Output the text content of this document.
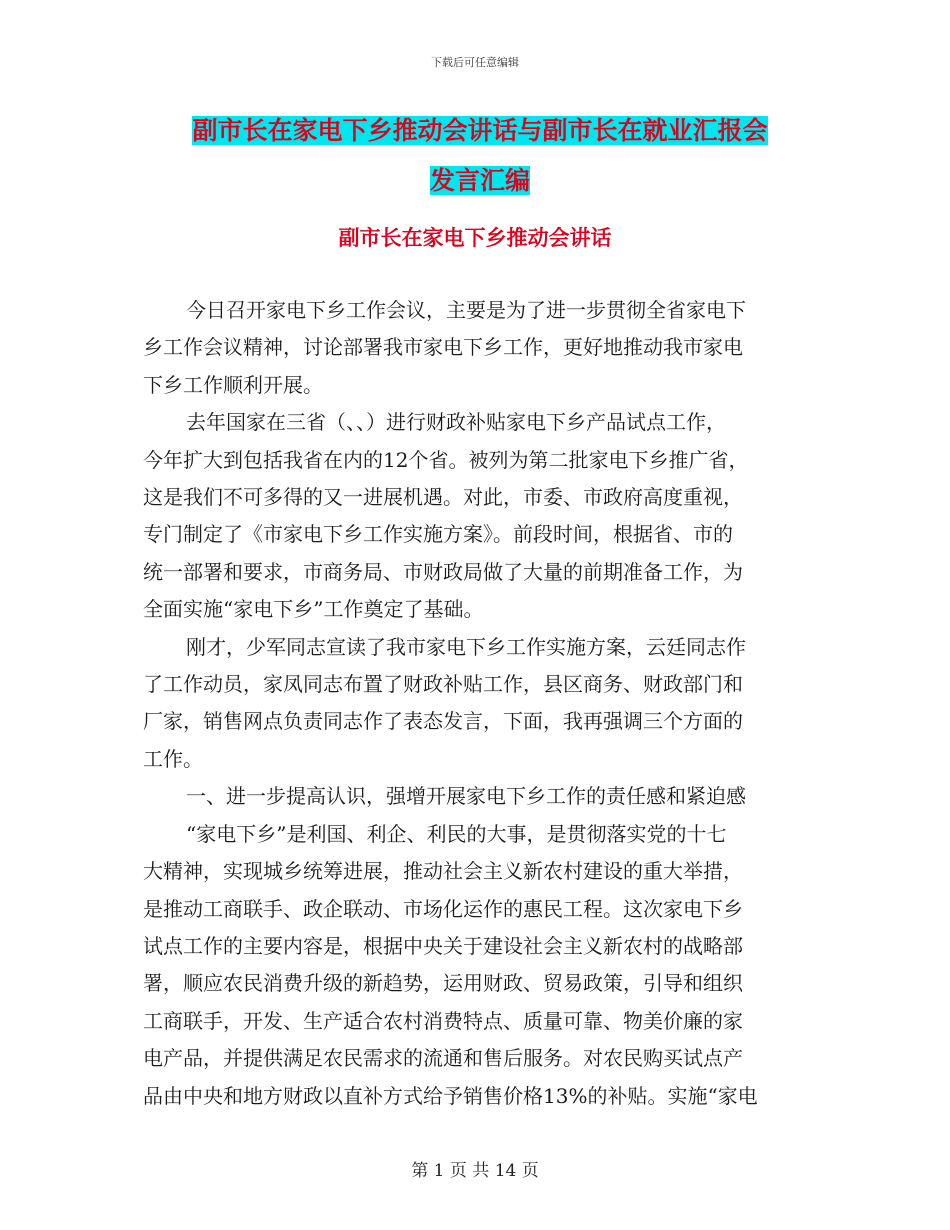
下载后可任意编辑
副市长在家电下乡推动会讲话与副市长在就业汇报会
发言汇编
副市长在家电下乡推动会讲话
今日召开家电下乡工作会议，主要是为了进一步贯彻全省家电下
乡工作会议精神，讨论部署我市家电下乡工作，更好地推动我市家电
下乡工作顺利开展。
去年国家在三省（、、）进行财政补贴家电下乡产品试点工作，
今年扩大到包括我省在内的12个省。被列为第二批家电下乡推广省，
这是我们不可多得的又一进展机遇。对此，市委、市政府高度重视，
专门制定了《市家电下乡工作实施方案》。前段时间，根据省、市的
统一部署和要求，市商务局、市财政局做了大量的前期准备工作，为
全面实施“家电下乡”工作奠定了基础。
刚才，少军同志宣读了我市家电下乡工作实施方案，云廷同志作
了工作动员，家凤同志布置了财政补贴工作，县区商务、财政部门和
厂家，销售网点负责同志作了表态发言，下面，我再强调三个方面的
工作。
一、进一步提高认识，强增开展家电下乡工作的责任感和紧迫感
“家电下乡”是利国、利企、利民的大事，是贯彻落实党的十七
大精神，实现城乡统筹进展，推动社会主义新农村建设的重大举措，
是推动工商联手、政企联动、市场化运作的惠民工程。这次家电下乡
试点工作的主要内容是，根据中央关于建设社会主义新农村的战略部
署，顺应农民消费升级的新趋势，运用财政、贸易政策，引导和组织
工商联手，开发、生产适合农村消费特点、质量可靠、物美价廉的家
电产品，并提供满足农民需求的流通和售后服务。对农民购买试点产
品由中央和地方财政以直补方式给予销售价格13%的补贴。实施“家电
第 1 页 共 14 页
